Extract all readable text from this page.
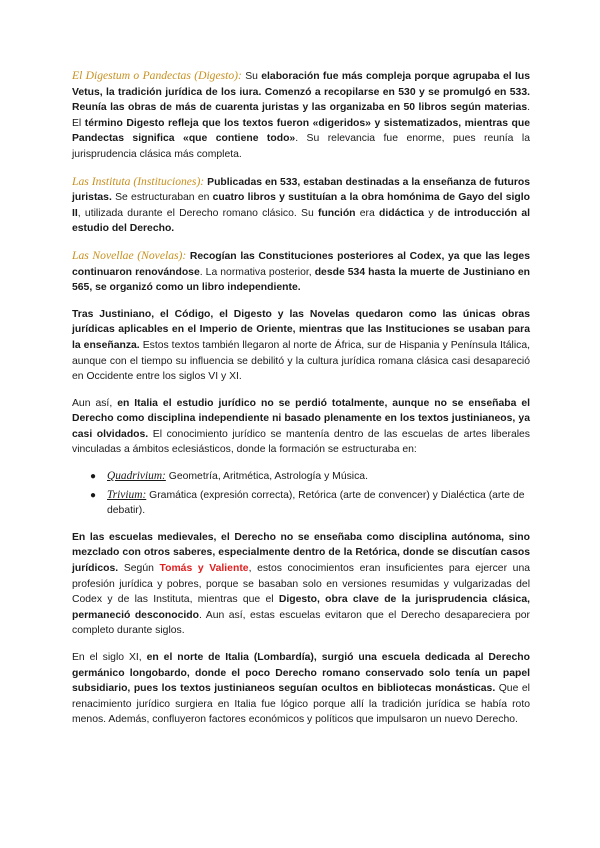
El Digestum o Pandectas (Digesto): Su elaboración fue más compleja porque agrupaba el Ius Vetus, la tradición jurídica de los iura. Comenzó a recopilarse en 530 y se promulgó en 533. Reunía las obras de más de cuarenta juristas y las organizaba en 50 libros según materias. El término Digesto refleja que los textos fueron «digeridos» y sistematizados, mientras que Pandectas significa «que contiene todo». Su relevancia fue enorme, pues reunía la jurisprudencia clásica más completa.

Las Instituta (Instituciones): Publicadas en 533, estaban destinadas a la enseñanza de futuros juristas. Se estructuraban en cuatro libros y sustituían a la obra homónima de Gayo del siglo II, utilizada durante el Derecho romano clásico. Su función era didáctica y de introducción al estudio del Derecho.

Las Novellae (Novelas): Recogían las Constituciones posteriores al Codex, ya que las leges continuaron renovándose. La normativa posterior, desde 534 hasta la muerte de Justiniano en 565, se organizó como un libro independiente.

Tras Justiniano, el Código, el Digesto y las Novelas quedaron como las únicas obras jurídicas aplicables en el Imperio de Oriente, mientras que las Instituciones se usaban para la enseñanza. Estos textos también llegaron al norte de África, sur de Hispania y Península Itálica, aunque con el tiempo su influencia se debilitó y la cultura jurídica romana clásica casi desapareció en Occidente entre los siglos VI y XI.

Aun así, en Italia el estudio jurídico no se perdió totalmente, aunque no se enseñaba el Derecho como disciplina independiente ni basado plenamente en los textos justinianeos, ya casi olvidados. El conocimiento jurídico se mantenía dentro de las escuelas de artes liberales vinculadas a ámbitos eclesiásticos, donde la formación se estructuraba en:

● Quadrivium: Geometría, Aritmética, Astrología y Música.
● Trivium: Gramática (expresión correcta), Retórica (arte de convencer) y Dialéctica (arte de debatir).

En las escuelas medievales, el Derecho no se enseñaba como disciplina autónoma, sino mezclado con otros saberes, especialmente dentro de la Retórica, donde se discutían casos jurídicos. Según Tomás y Valiente, estos conocimientos eran insuficientes para ejercer una profesión jurídica y pobres, porque se basaban solo en versiones resumidas y vulgarizadas del Codex y de las Instituta, mientras que el Digesto, obra clave de la jurisprudencia clásica, permaneció desconocido. Aun así, estas escuelas evitaron que el Derecho desapareciera por completo durante siglos.

En el siglo XI, en el norte de Italia (Lombardía), surgió una escuela dedicada al Derecho germánico longobardo, donde el poco Derecho romano conservado solo tenía un papel subsidiario, pues los textos justinianeos seguían ocultos en bibliotecas monásticas. Que el renacimiento jurídico surgiera en Italia fue lógico porque allí la tradición jurídica se había roto menos. Además, confluyeron factores económicos y políticos que impulsaron un nuevo Derecho.
